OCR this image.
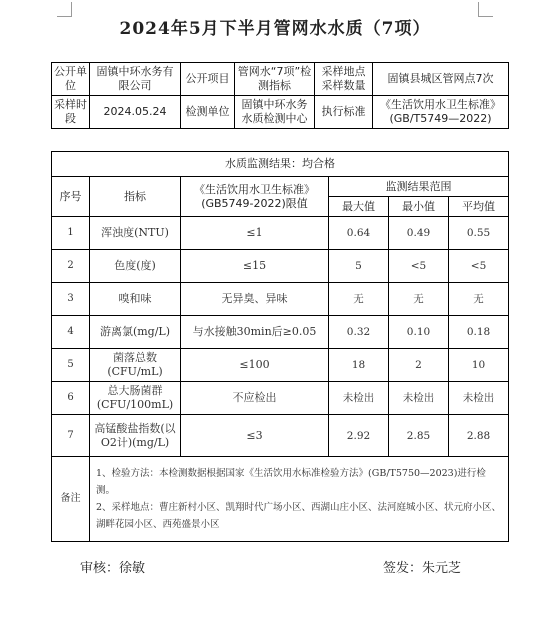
2024年5月下半月管网水水质（7项）
公开单位	固镇中环水务有限公司	公开项目	管网水“7项”检测指标	采样地点采样数量	固镇县城区管网点7次
采样时段	2024.05.24	检测单位	固镇中环水务水质检测中心	执行标准	《生活饮用水卫生标准》(GB/T5749—2022)
水质监测结果：均合格					
序号	指标	《生活饮用水卫生标准》(GB5749-2022)限值	监测结果范围		
			最大值	最小值	平均值
1	浑浊度(NTU)	≤1	0.64	0.49	0.55
2	色度(度)	≤15	5	<5	<5
3	嗅和味	无异臭、异味	无	无	无
4	游离氯(mg/L)	与水接触30min后≥0.05	0.32	0.10	0.18
5	菌落总数(CFU/mL)	≤100	18	2	10
6	总大肠菌群(CFU/100mL)	不应检出	未检出	未检出	未检出
7	高锰酸盐指数(以O2计)(mg/L)	≤3	2.92	2.85	2.88
备注	1、检验方法：本检测数据根据国家《生活饮用水标准检验方法》(GB/T5750—2023)进行检测。
2、采样地点：曹庄新村小区、凯翔时代广场小区、西湖山庄小区、法河庭城小区、状元府小区、湖畔花园小区、西苑盛景小区				
审核：徐敏	签发：朱元芝
